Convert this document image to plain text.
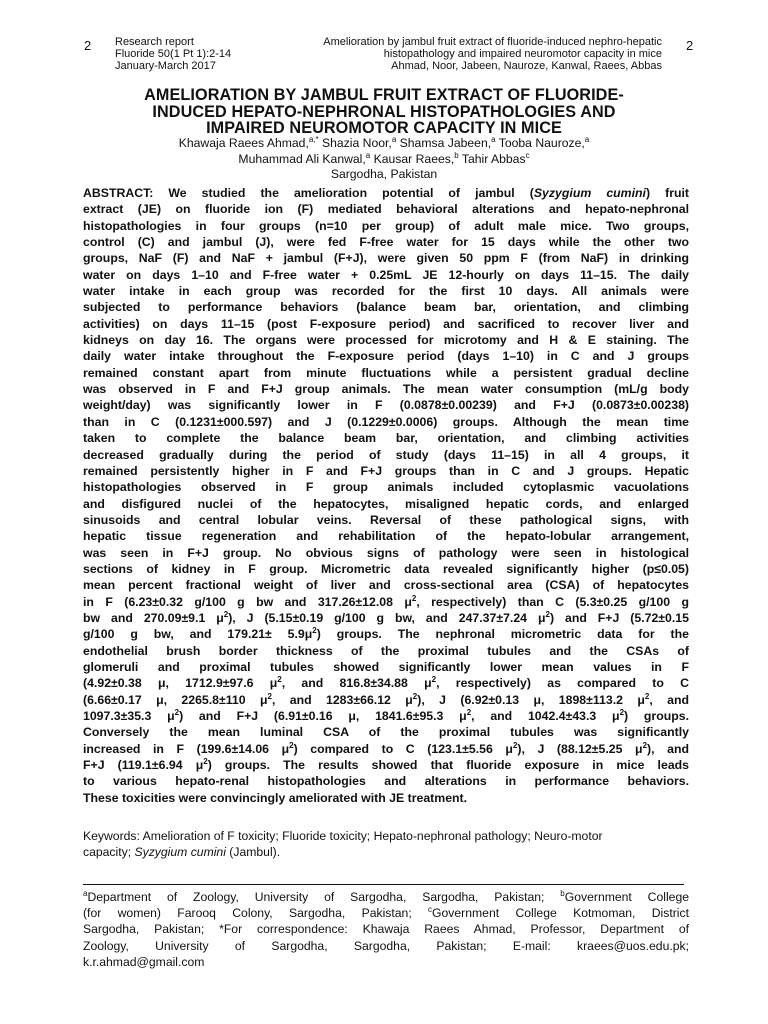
2 Research report
Fluoride 50(1 Pt 1):2-14
January-March 2017
Amelioration by jambul fruit extract of fluoride-induced nephro-hepatic
histopathology and impaired neuromotor capacity in mice
Ahmad, Noor, Jabeen, Nauroze, Kanwal, Raees, Abbas
2
AMELIORATION BY JAMBUL FRUIT EXTRACT OF FLUORIDE-
INDUCED HEPATO-NEPHRONAL HISTOPATHOLOGIES AND
IMPAIRED NEUROMOTOR CAPACITY IN MICE
Khawaja Raees Ahmad,$^{a,*}$ Shazia Noor,$^a$ Shamsa Jabeen,$^a$ Tooba Nauroze,$^a$
Muhammad Ali Kanwal,$^a$ Kausar Raees,$^b$ Tahir Abbas$^c$
Sargodha, Pakistan
ABSTRACT: We studied the amelioration potential of jambul (Syzygium cumini) fruit
extract (JE) on fluoride ion (F) mediated behavioral alterations and hepato-nephronal
histopathologies in four groups (n=10 per group) of adult male mice. Two groups,
control (C) and jambul (J), were fed F-free water for 15 days while the other two
groups, NaF (F) and NaF + jambul (F+J), were given 50 ppm F (from NaF) in drinking
water on days 1–10 and F-free water + 0.25mL JE 12-hourly on days 11–15. The daily
water intake in each group was recorded for the first 10 days. All animals were
subjected to performance behaviors (balance beam bar, orientation, and climbing
activities) on days 11–15 (post F-exposure period) and sacrificed to recover liver and
kidneys on day 16. The organs were processed for microtomy and H & E staining. The
daily water intake throughout the F-exposure period (days 1–10) in C and J groups
remained constant apart from minute fluctuations while a persistent gradual decline
was observed in F and F+J group animals. The mean water consumption (mL/g body
weight/day) was significantly lower in F (0.0878±0.00239) and F+J (0.0873±0.00238)
than in C (0.1231±000.597) and J (0.1229±0.0006) groups. Although the mean time
taken to complete the balance beam bar, orientation, and climbing activities
decreased gradually during the period of study (days 11–15) in all 4 groups, it
remained persistently higher in F and F+J groups than in C and J groups. Hepatic
histopathologies observed in F group animals included cytoplasmic vacuolations
and disfigured nuclei of the hepatocytes, misaligned hepatic cords, and enlarged
sinusoids and central lobular veins. Reversal of these pathological signs, with
hepatic tissue regeneration and rehabilitation of the hepato-lobular arrangement,
was seen in F+J group. No obvious signs of pathology were seen in histological
sections of kidney in F group. Micrometric data revealed significantly higher (p≤0.05)
mean percent fractional weight of liver and cross-sectional area (CSA) of hepatocytes
in F (6.23±0.32 g/100 g bw and 317.26±12.08 $\mu^2$, respectively) than C (5.3±0.25 g/100 g
bw and 270.09±9.1 $\mu^2$), J (5.15±0.19 g/100 g bw, and 247.37±7.24 $\mu^2$) and F+J (5.72±0.15
g/100 g bw, and $179.21\pm 5.9\mu^2$) groups. The nephronal micrometric data for the
endothelial brush border thickness of the proximal tubules and the CSAs of
glomeruli and proximal tubules showed significantly lower mean values in F
(4.92±0.38 μ, 1712.9±97.6 $\mu^2$, and 816.8±34.88 $\mu^2$, respectively) as compared to C
(6.66±0.17 μ, 2265.8±110 $\mu^2$, and 1283±66.12 $\mu^2$), J (6.92±0.13 μ, 1898±113.2 $\mu^2$, and
1097.3±35.3 $\mu^2$) and F+J (6.91±0.16 μ, 1841.6±95.3 $\mu^2$, and 1042.4±43.3 $\mu^2$) groups.
Conversely the mean luminal CSA of the proximal tubules was significantly
increased in F (199.6±14.06 $\mu^2$) compared to C (123.1±5.56 $\mu^2$), J (88.12±5.25 $\mu^2$), and
F+J (119.1±6.94 $\mu^2$) groups. The results showed that fluoride exposure in mice leads
to various hepato-renal histopathologies and alterations in performance behaviors.
These toxicities were convincingly ameliorated with JE treatment.
Keywords: Amelioration of F toxicity; Fluoride toxicity; Hepato-nephronal pathology; Neuro-motor
capacity; Syzygium cumini (Jambul).
$^a$Department of Zoology, University of Sargodha, Sargodha, Pakistan; $^b$Government College
(for women) Farooq Colony, Sargodha, Pakistan; $^c$Government College Kotmoman, District
Sargodha, Pakistan; *For correspondence: Khawaja Raees Ahmad, Professor, Department of
Zoology, University of Sargodha, Sargodha, Pakistan; E-mail: kraees@uos.edu.pk;
k.r.ahmad@gmail.com
